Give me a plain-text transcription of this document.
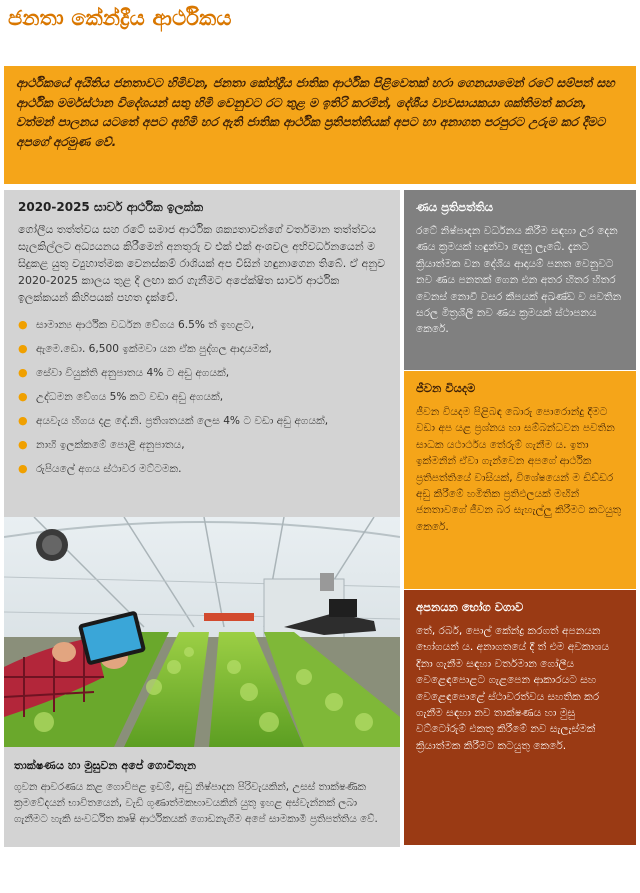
ජනතා කේන්ද්‍රීය ආර්ථිකය

ආර්ථිකයේ අයිතිය ජනතාවට හිමිවන, ජනතා කේන්ද්‍රීය ජාතික ආර්ථික පිළිවෙතක් හරා ගෙනයාමෙන් රටේ සම්පත් සහ ආර්ථික මර්මස්ථාන විදේශයන් සතු හිමි වෙනුවට රට තුළ ම ඉතිරි කරමින්, දේශීය ව්‍යවසායකයා ශක්තිමත් කරන, වත්මන් පාලනය යටතේ අපට අහිමි හර ඇති ජාතික ආර්ථික ප්‍රතිපත්තියක් අපට හා අනාගත පරපුරට උරුම කර දීමට අපගේ අරමුණ වේ.

2020-2025 සාර්ව ආර්ථික ඉලක්ක

ගෝලීය තත්ත්වය සහ රටේ සමාජ ආර්ථික ශක්‍යතාවන්ගේ වර්තමාන තත්ත්වය සැලකිල්ලට අධ්‍යයනය කිරීමෙන් අනතුරු ව එක් එක් අංශවල අභිවර්ධනයෙන් ම සිදුකළ යුතු ව්‍යුහාත්මක වෙනස්කම් රාශියක් අප විසින් හඳුනාගෙන තිබේ. ඒ අනුව 2020-2025 කාලය තුළ දී ලඟා කර ගැනීමට අපේක්ෂිත සාර්ව ආර්ථික ඉලක්කයන් කිහිපයක් පහත දැක්වේ.

● සාමාන්‍ය ආර්ථික වර්ධන වේගය 6.5% ත් ඉහළට,
● ඇමෙ.ඩො. 6,500 ඉක්මවා යන ඒක පුද්ගල ආදායමක්,
● සේවා වියුක්ති අනුපාතය 4% ට අඩු අගයක්,
● උද්ධමන වේගය 5% කට වඩා අඩු අගයක්,
● අයවැය හිගය දළ දේ.නි. ප්‍රතිශතයක් ලෙස 4% ට වඩා අඩු අගයක්,
● නාහි ඉලක්කමේ පොළී අනුපාතය,
● රුපියලේ අගය ස්ථාවර මට්ටමක.
තාක්ෂණය හා මුසුවන අපේ ගොවිතැන

ගුවන ආවරණය කළ ගොවිපළ ඉඩම්, අඩු නිෂ්පාදන පිරිවැයකින්, උසස් තාක්ෂණික ක්‍රමවේදයන් භාවිතයෙන්, වැඩි ගුණාත්මකභාවයකින් යුතු ඉහළ අස්වැන්නක් ලබා ගැනීමට හැකි සංවර්ධිත කෘෂි ආර්ථිකයක් ගොඩනැගීම අපේ සාමකාමී ප්‍රතිපත්තිය වේ.

ණය ප්‍රතිපත්තිය

රටේ නිෂ්පාදන වර්ධනය කිරීම සඳහා උර දෙන ණය ක්‍රමයක් හඳුන්වා දෙනු ලැබේ. දැනට ක්‍රියාත්මක වන දේශීය ආදායම් පනත වෙනුවට නව ණය පනතක් ගෙන එන අතර හිතර හිතර වෙනස් නොවී වසර කීපයක් අඛණ්ඩ ව පවතින සරල මිත්‍රශීලී නව ණය ක්‍රමයක් ස්ථාපනය කෙරේ.

ජීවන වියදම

ජීවන වියදම පිළිබඳ බොරු පොරොන්දු දීමට වඩා අප යළ ප්‍රශ්නය හා සම්බන්ධවන පවතින සාධක යථාර්ථය තේරුම් ගැනීම ය. ඉතා ඉක්මනින් ඒවා ගැන්වෙන අපගේ ආර්ථික ප්‍රතිපත්තියේ වාසියක්, විශේෂයෙන් ම ඩිඩ්ඩර අඩු කිරීමේ හමිතික ප්‍රතිඵලයක් මඟින් ජනතාවගේ ජීවන බර සැහැල්ලු කිරීමට කටයුතු කෙරේ.

අපනයන භෝග වගාව

තේ, රබර්, පොල් කේන්ද්‍ර කරගත් අපනයන භෝගයන් ය. අනාගතයේ දී ත් එම අවකාශය දිනා ගැනීම සඳහා වර්තමාන ගෝලීය වෙළෙඳපොළට ගැළපෙන ආකාරයට සහ වෙළෙඳපොළේ ස්ථාවරත්වය සහතික කර ගැනීම සඳහා නව තාක්ෂණය හා මුසු වට්ටෝරුම් එකතු කිරීමේ නව සැලැස්මක් ක්‍රියාත්මක කිරීමට කටයුතු කෙරේ.
